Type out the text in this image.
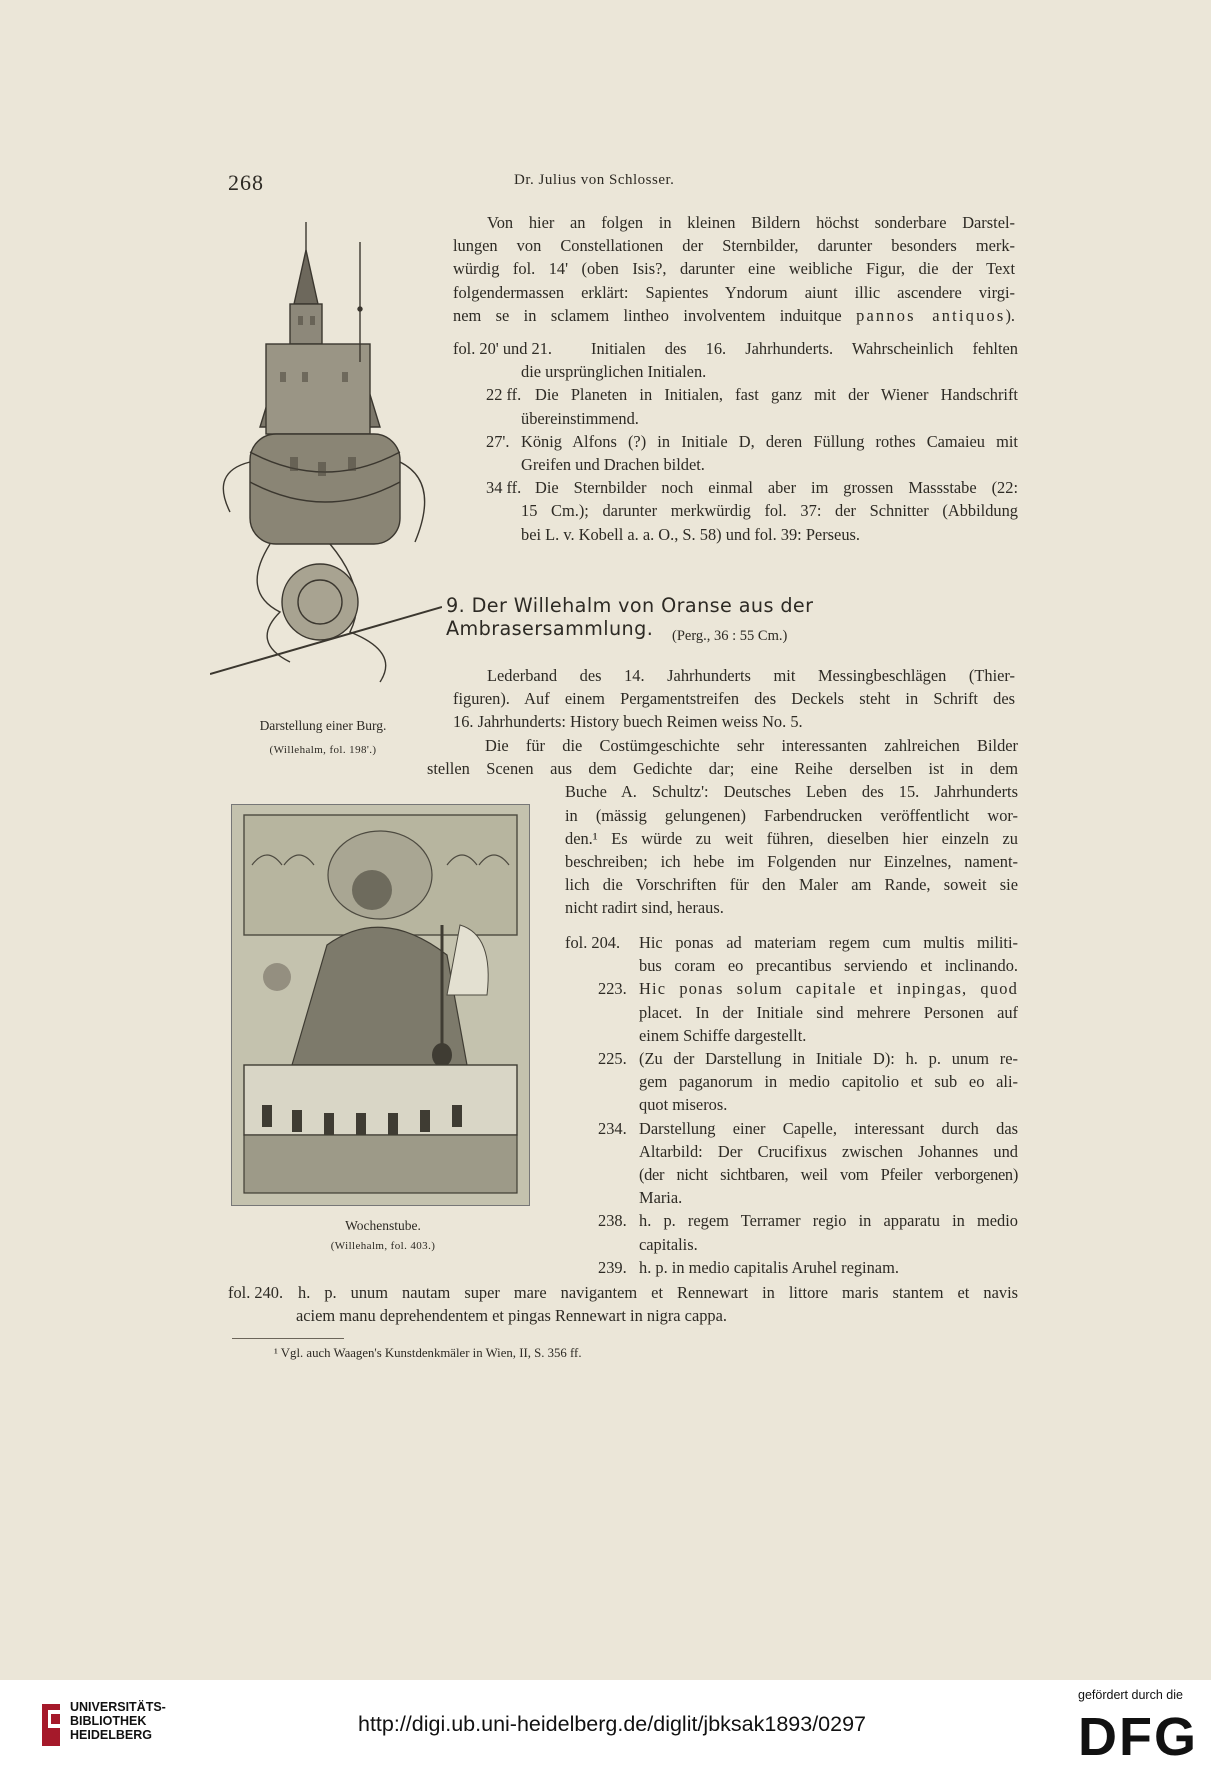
268	Dr. Julius von Schlosser.
Darstellung einer Burg.
(Willehalm, fol. 198'.)
Wochenstube.
(Willehalm, fol. 403.)
Von hier an folgen in kleinen Bildern höchst sonderbare Darstel-
lungen von Constellationen der Sternbilder, darunter besonders merk-
würdig fol. 14' (oben Isis?, darunter eine weibliche Figur, die der Text
folgendermassen erklärt: Sapientes Yndorum aiunt illic ascendere virgi-
nem se in sclamem lintheo involventem induitque pannos antiquos).
fol. 20' und 21. Initialen des 16. Jahrhunderts. Wahrscheinlich fehlten
die ursprünglichen Initialen.
22 ff. Die Planeten in Initialen, fast ganz mit der Wiener Handschrift
übereinstimmend.
27'. König Alfons (?) in Initiale D, deren Füllung rothes Camaieu mit
Greifen und Drachen bildet.
34 ff. Die Sternbilder noch einmal aber im grossen Massstabe (22:
15 Cm.); darunter merkwürdig fol. 37: der Schnitter (Abbildung
bei L. v. Kobell a. a. O., S. 58) und fol. 39: Perseus.
9. Der Willehalm von Oranse aus der Ambrasersammlung.	(Perg., 36 : 55 Cm.)
Lederband des 14. Jahrhunderts mit Messingbeschlägen (Thier-
figuren). Auf einem Pergamentstreifen des Deckels steht in Schrift des
16. Jahrhunderts: History buech Reimen weiss No. 5.
Die für die Costümgeschichte sehr interessanten zahlreichen Bilder
stellen Scenen aus dem Gedichte dar; eine Reihe derselben ist in dem
Buche A. Schultz': Deutsches Leben des 15. Jahrhunderts
in (mässig gelungenen) Farbendrucken veröffentlicht wor-
den.¹ Es würde zu weit führen, dieselben hier einzeln zu
beschreiben; ich hebe im Folgenden nur Einzelnes, nament-
lich die Vorschriften für den Maler am Rande, soweit sie
nicht radirt sind, heraus.
fol. 204. Hic ponas ad materiam regem cum multis militi-
bus coram eo precantibus serviendo et inclinando.
223. Hic ponas solum capitale et inpingas, quod
placet. In der Initiale sind mehrere Personen auf
einem Schiffe dargestellt.
225. (Zu der Darstellung in Initiale D): h. p. unum re-
gem paganorum in medio capitolio et sub eo ali-
quot miseros.
234. Darstellung einer Capelle, interessant durch das
Altarbild: Der Crucifixus zwischen Johannes und
(der nicht sichtbaren, weil vom Pfeiler verborgenen)
Maria.
238. h. p. regem Terramer regio in apparatu in medio
capitalis.
239. h. p. in medio capitalis Aruhel reginam.
fol. 240. h. p. unum nautam super mare navigantem et Rennewart in littore maris stantem et navis
aciem manu deprehendentem et pingas Rennewart in nigra cappa.
¹ Vgl. auch Waagen's Kunstdenkmäler in Wien, II, S. 356 ff.
UNIVERSITÄTS-
BIBLIOTHEK
HEIDELBERG	http://digi.ub.uni-heidelberg.de/diglit/jbksak1893/0297
gefördert durch die
DFG
